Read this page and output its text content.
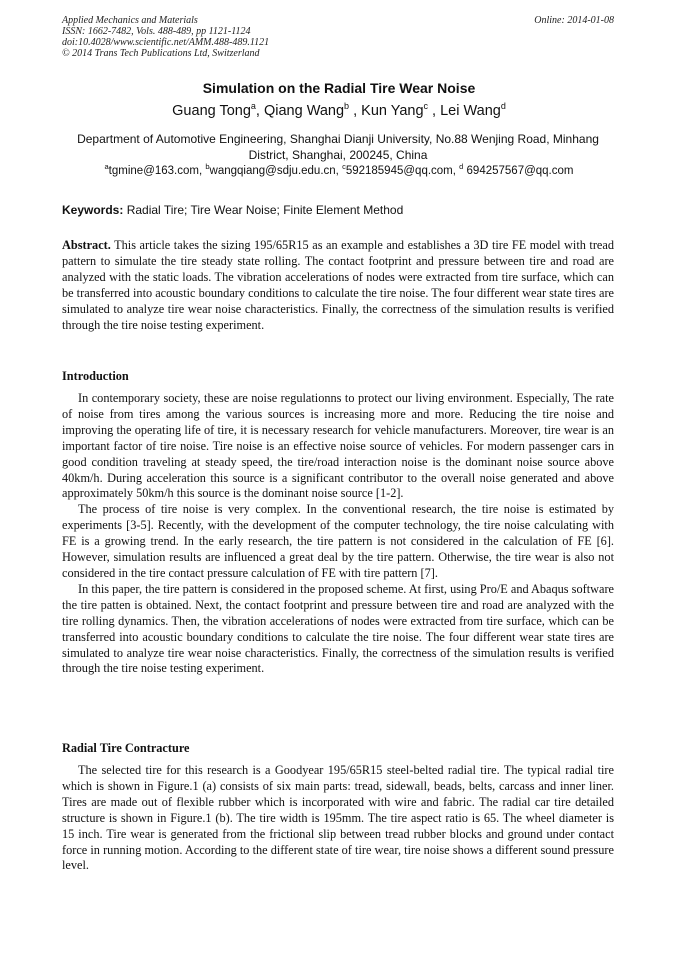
Applied Mechanics and Materials
ISSN: 1662-7482, Vols. 488-489, pp 1121-1124
doi:10.4028/www.scientific.net/AMM.488-489.1121
© 2014 Trans Tech Publications Ltd, Switzerland
Online: 2014-01-08
Simulation on the Radial Tire Wear Noise
Guang Tong$^a$, Qiang Wang$^b$ , Kun Yang$^c$ , Lei Wang$^d$
Department of Automotive Engineering, Shanghai Dianji University, No.88 Wenjing Road, Minhang District, Shanghai, 200245, China
$^a$tgmine@163.com, $^b$wangqiang@sdju.edu.cn, $^c$592185945@qq.com, $^d$ 694257567@qq.com
Keywords: Radial Tire; Tire Wear Noise; Finite Element Method

Abstract. This article takes the sizing 195/65R15 as an example and establishes a 3D tire FE model with tread pattern to simulate the tire steady state rolling. The contact footprint and pressure between tire and road are analyzed with the static loads. The vibration accelerations of nodes were extracted from tire surface, which can be transferred into acoustic boundary conditions to calculate the tire noise. The four different wear state tires are simulated to analyze tire wear noise characteristics. Finally, the correctness of the simulation results is verified through the tire noise testing experiment.

Introduction

In contemporary society, these are noise regulationns to protect our living environment. Especially, The rate of noise from tires among the various sources is increasing more and more. Reducing the tire noise and improving the operating life of tire, it is necessary research for vehicle manufacturers. Moreover, tire wear is an important factor of tire noise. Tire noise is an effective noise source of vehicles. For modern passenger cars in good condition traveling at steady speed, the tire/road interaction noise is the dominant noise source above 40km/h. During acceleration this source is a significant contributor to the overall noise generated and above approximately 50km/h this source is the dominant noise source [1-2].

The process of tire noise is very complex. In the conventional research, the tire noise is estimated by experiments [3-5]. Recently, with the development of the computer technology, the tire noise calculating with FE is a growing trend. In the early research, the tire pattern is not considered in the calculation of FE [6]. However, simulation results are influenced a great deal by the tire pattern. Otherwise, the tire wear is also not considered in the tire contact pressure calculation of FE with tire pattern [7].

In this paper, the tire pattern is considered in the proposed scheme. At first, using Pro/E and Abaqus software the tire patten is obtained. Next, the contact footprint and pressure between tire and road are analyzed with the tire rolling dynamics. Then, the vibration accelerations of nodes were extracted from tire surface, which can be transferred into acoustic boundary conditions to calculate the tire noise. The four different wear state tires are simulated to analyze tire wear noise characteristics. Finally, the correctness of the simulation results is verified through the tire noise testing experiment.

Radial Tire Contracture

The selected tire for this research is a Goodyear 195/65R15 steel-belted radial tire. The typical radial tire which is shown in Figure.1 (a) consists of six main parts: tread, sidewall, beads, belts, carcass and inner liner. Tires are made out of flexible rubber which is incorporated with wire and fabric. The radial car tire detailed structure is shown in Figure.1 (b). The tire width is 195mm. The tire aspect ratio is 65. The wheel diameter is 15 inch. Tire wear is generated from the frictional slip between tread rubber blocks and ground under contact force in running motion. According to the different state of tire wear, tire noise shows a different sound pressure level.
